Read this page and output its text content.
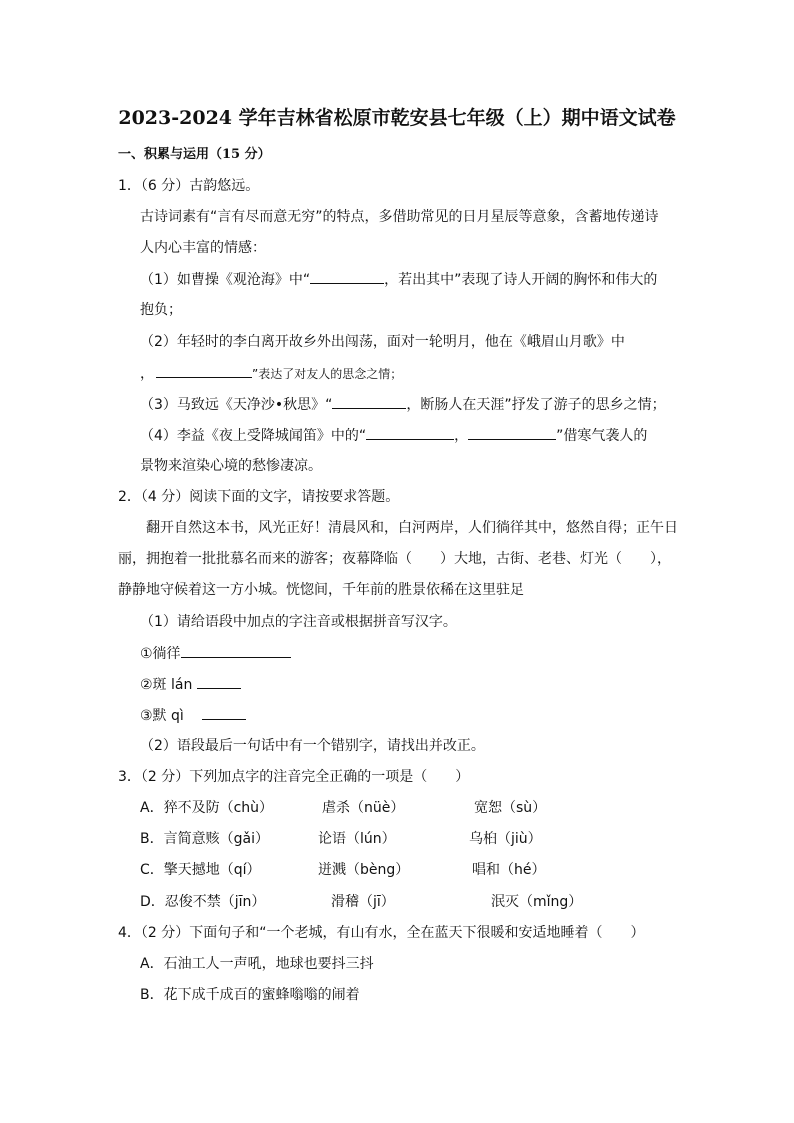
2023-2024 学年吉林省松原市乾安县七年级（上）期中语文试卷
一、积累与运用（15 分）
1．（6 分）古韵悠远。
古诗词素有“言有尽而意无穷”的特点，多借助常见的日月星辰等意象，含蓄地传递诗
人内心丰富的情感：
（1）如曹操《观沧海》中“	，若出其中”表现了诗人开阔的胸怀和伟大的
抱负；
（2）年轻时的李白离开故乡外出闯荡，面对一轮明月，他在《峨眉山月歌》中
，	”表达了对友人的思念之情；
（3）马致远《天净沙•秋思》“	，断肠人在天涯”抒发了游子的思乡之情；
（4）李益《夜上受降城闻笛》中的“	，	”借寒气袭人的
景物来渲染心境的愁惨凄凉。
2．（4 分）阅读下面的文字，请按要求答题。
翻开自然这本书，风光正好！清晨风和，白河两岸，人们徜徉其中，悠然自得；正午日
丽，拥抱着一批批慕名而来的游客；夜幕降临（　　）大地，古街、老巷、灯光（　　），
静静地守候着这一方小城。恍惚间，千年前的胜景依稀在这里驻足
（1）请给语段中加点的字注音或根据拼音写汉字。
①徜徉
②斑 lán
③默 qì
（2）语段最后一句话中有一个错别字，请找出并改正。
3．（2 分）下列加点字的注音完全正确的一项是（　　）
A．猝不及防（chù）	虐杀（nüè）	宽恕（sù）
B．言简意赅（gǎi）	论语（lún）	乌桕（jiù）
C．擎天撼地（qí）	迸溅（bèng）	唱和（hé）
D．忍俊不禁（jīn）	滑稽（jī）	泯灭（mǐng）
4．（2 分）下面句子和“一个老城，有山有水，全在蓝天下很暖和安适地睡着（　　）
A．石油工人一声吼，地球也要抖三抖
B．花下成千成百的蜜蜂嗡嗡的闹着
